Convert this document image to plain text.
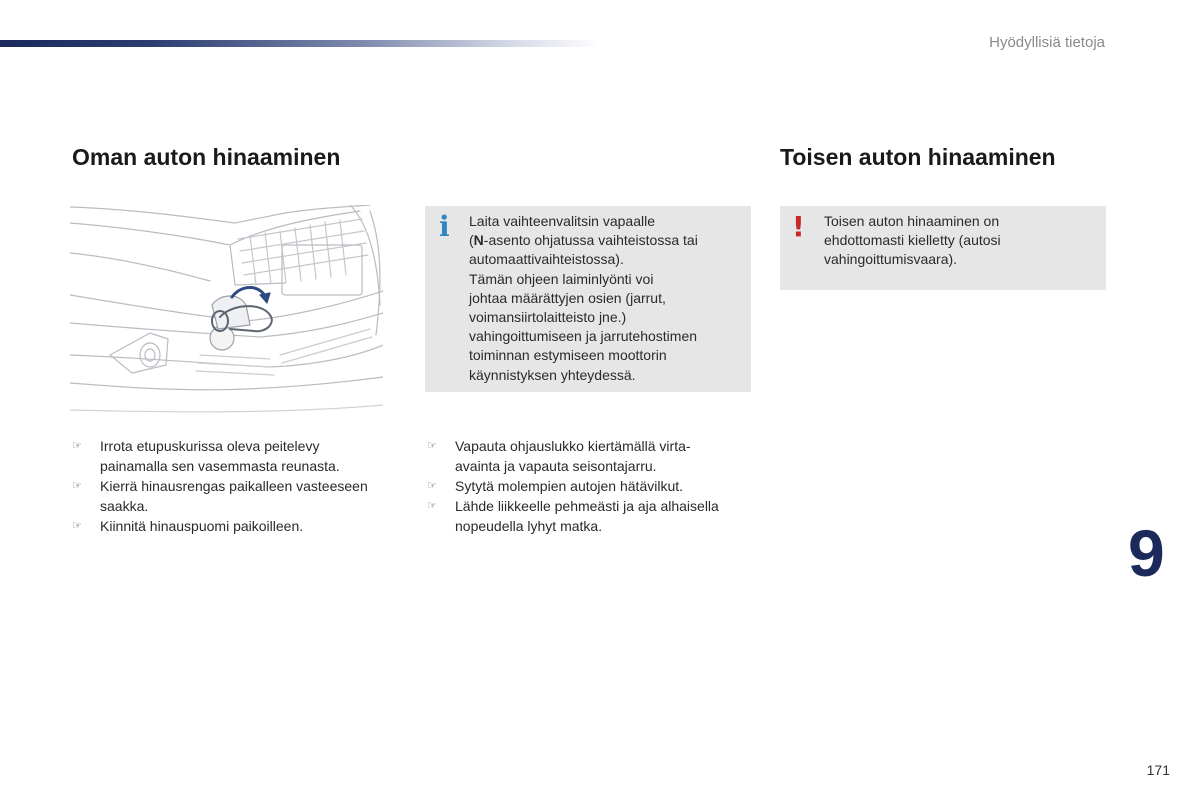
Hyödyllisiä tietoja
Oman auton hinaaminen	Toisen auton hinaaminen
i Laita vaihteenvalitsin vapaalle
(N-asento ohjatussa vaihteistossa tai
automaattivaihteistossa).
Tämän ohjeen laiminlyönti voi
johtaa määrättyjen osien (jarrut,
voimansiirtolaitteisto jne.)
vahingoittumiseen ja jarrutehostimen
toiminnan estymiseen moottorin
käynnistyksen yhteydessä.
! Toisen auton hinaaminen on
ehdottomasti kielletty (autosi
vahingoittumisvaara).
☞ Irrota etupuskurissa oleva peitelevy
painamalla sen vasemmasta reunasta.
☞ Kierrä hinausrengas paikalleen vasteeseen
saakka.
☞ Kiinnitä hinauspuomi paikoilleen.
☞ Vapauta ohjauslukko kiertämällä virta-
avainta ja vapauta seisontajarru.
☞ Sytytä molempien autojen hätävilkut.
☞ Lähde liikkeelle pehmeästi ja aja alhaisella
nopeudella lyhyt matka.	9
171
